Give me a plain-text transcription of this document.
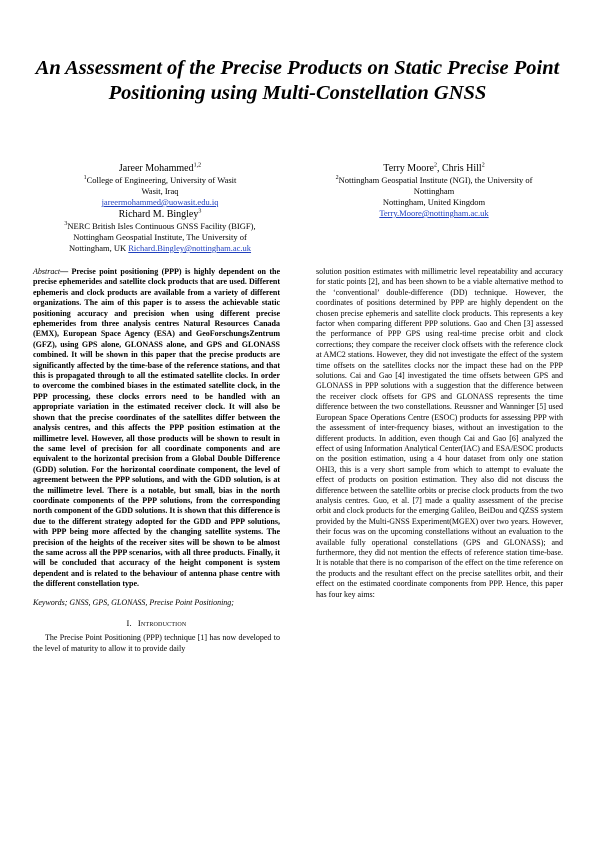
An Assessment of the Precise Products on Static Precise Point Positioning using Multi-Constellation GNSS
Jareer Mohammed$^{1,2}$
$^1$College of Engineering, University of Wasit
Wasit, Iraq
jareermohammed@uowasit.edu.iq
Richard M. Bingley$^3$
$^3$NERC British Isles Continuous GNSS Facility (BIGF),
Nottingham Geospatial Institute, The University of
Nottingham, UK Richard.Bingley@nottingham.ac.uk
Terry Moore$^2$, Chris Hill$^2$
$^2$Nottingham Geospatial Institute (NGI), the University of
Nottingham
Nottingham, United Kingdom
Terry.Moore@nottingham.ac.uk
Abstract— Precise point positioning (PPP) is highly dependent on the precise ephemerides and satellite clock products that are used. Different ephemeris and clock products are available from a variety of different organizations. The aim of this paper is to assess the achievable static positioning accuracy and precision when using different precise ephemerides from three analysis centres Natural Resources Canada (EMX), European Space Agency (ESA) and GeoForschungsZentrum (GFZ), using GPS alone, GLONASS alone, and GPS and GLONASS combined. It will be shown in this paper that the precise products are significantly affected by the time-base of the reference stations, and that this is propagated through to all the estimated satellite clocks. In order to overcome the combined biases in the estimated satellite clock, in the PPP processing, these clocks errors need to be handled with an appropriate variation in the estimated receiver clock. It will also be shown that the precise coordinates of the satellites differ between the analysis centres, and this affects the PPP position estimation at the millimetre level. However, all those products will be shown to result in the same level of precision for all coordinate components and are equivalent to the horizontal precision from a Global Double Difference (GDD) solution. For the horizontal coordinate component, the level of agreement between the PPP solutions, and with the GDD solution, is at the millimetre level. There is a notable, but small, bias in the north coordinate components of the PPP solutions, from the corresponding north component of the GDD solutions. It is shown that this difference is due to the different strategy adopted for the GDD and PPP solutions, with PPP being more affected by the changing satellite systems. The precision of the heights of the receiver sites will be shown to be almost the same across all the PPP scenarios, with all three products. Finally, it will be concluded that accuracy of the height component is system dependent and is related to the behaviour of antenna phase centre with the different constellation type.
Keywords; GNSS, GPS, GLONASS, Precise Point Positioning;
I. Introduction
The Precise Point Positioning (PPP) technique [1] has now developed to the level of maturity to allow it to provide daily
solution position estimates with millimetric level repeatability and accuracy for static points [2], and has been shown to be a viable alternative method to the ‘conventional’ double-difference (DD) technique. However, the coordinates of positions determined by PPP are highly dependent on the chosen precise ephemeris and satellite clock products. This represents a key factor when comparing different PPP solutions. Gao and Chen [3] assessed the performance of PPP GPS using real-time precise orbit and clock corrections; they compare the receiver clock offsets with the reference clock at AMC2 stations. However, they did not investigate the effect of the system time offsets on the satellites clocks nor the impact these had on the PPP solutions. Cai and Gao [4] investigated the time offsets between GPS and GLONASS in PPP solutions with a suggestion that the difference between the receiver clock offsets for GPS and GLONASS represents the time difference between the two constellations. Reussner and Wanninger [5] used European Space Operations Centre (ESOC) products for assessing PPP with the assessment of inter-frequency biases, without an investigation to the different products. In addition, even though Cai and Gao [6] analyzed the effect of using Information Analytical Center(IAC) and ESA/ESOC products on the position estimation, using a 4 hour dataset from only one station OHI3, this is a very short sample from which to attempt to evaluate the effect of products on position estimation. They also did not discuss the difference between the satellite orbits or precise clock products from the two analysis centres. Guo, et al. [7] made a quality assessment of the precise orbit and clock products for the emerging Galileo, BeiDou and QZSS system provided by the Multi-GNSS Experiment(MGEX) over two years. However, their focus was on the upcoming constellations without an evaluation to the available fully operational constellations (GPS and GLONASS); and furthermore, they did not mention the effects of reference station time-base. It is notable that there is no comparison of the effect on the time reference on the products and the resultant effect on the precise satellites orbit, and their effect on the estimated coordinate components from PPP. Hence, this paper has four key aims:
